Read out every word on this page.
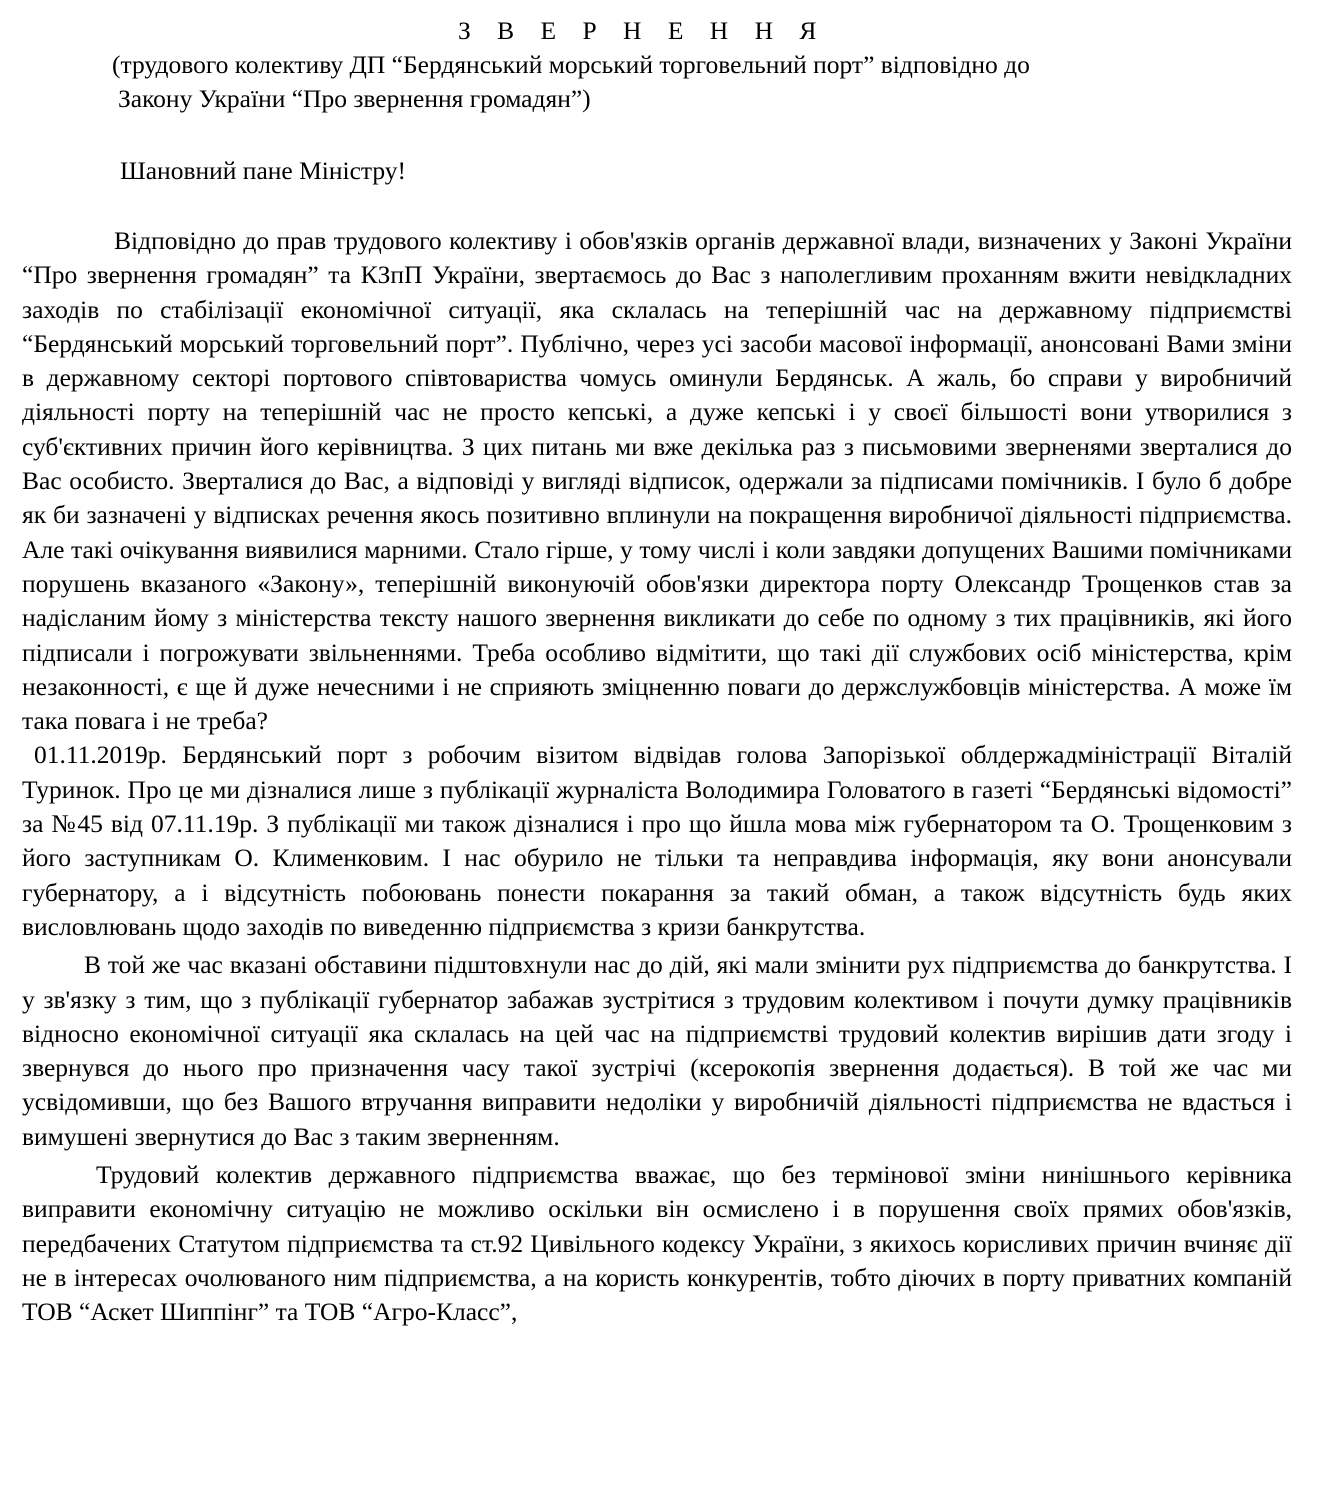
З В Е Р Н Е Н Н Я

(трудового колективу ДП “Бердянський морський торговельний порт” відповідно до

Закону України “Про звернення громадян”)

Шановний пане Міністру!

Відповідно до прав трудового колективу і обов'язків органів державної влади, визначених у Законі України “Про звернення громадян” та КЗпП України, звертаємось до Вас з наполегливим проханням вжити невідкладних заходів по стабілізації економічної ситуації, яка склалась на теперішній час на державному підприємстві “Бердянський морський торговельний порт”. Публічно, через усі засоби масової інформації, анонсовані Вами зміни в державному секторі портового співтовариства чомусь оминули Бердянськ. А жаль, бо справи у виробничий діяльності порту на теперішній час не просто кепські, а дуже кепські і у своєї більшості вони утворилися з суб'єктивних причин його керівництва. З цих питань ми вже декілька раз з письмовими звернeнями зверталися до Вас особисто. Зверталися до Вас, а відповіді у вигляді відписок, одержали за підписами помічників. І було б добре як би зазначені у відписках речення якось позитивно вплинули на покращення виробничої діяльності підприємства. Але такі очікування виявилися марними. Стало гірше, у тому числі і коли завдяки допущених Вашими помічниками порушень вказаного «Закону», теперішній виконуючій обов'язки директора порту Олександр Трощенков став за надісланим йому з міністерства тексту нашого звернення викликати до себе по одному з тих працівників, які його підписали і погрожувати звільненнями. Треба особливо відмітити, що такі дії службових осіб міністерства, крім незаконності, є ще й дуже нечесними і не сприяють зміцненню поваги до держслужбовців міністерства. А може їм така повага і не треба?

01.11.2019р. Бердянський порт з робочим візитом відвідав голова Запорізької облдержадміністрації Віталій Туринок. Про це ми дізналися лише з публікації журналіста Володимира Головатого в газеті “Бердянські відомості” за №45 від 07.11.19р. З публікації ми також дізналися і про що йшла мова між губернатором та О. Трощенковим з його заступникам О. Клименковим. І нас обурило не тільки та неправдива інформація, яку вони анонсували губернатору, а і відсутність побоювань понести покарання за такий обман, а також відсутність будь яких висловлювань щодо заходів по виведенню підприємства з кризи банкрутства.

В той же час вказані обставини підштовхнули нас до дій, які мали змінити рух підприємства до банкрутства. І у зв'язку з тим, що з публікації губернатор забажав зустрітися з трудовим колективом і почути думку працівників відносно економічної ситуації яка склалась на цей час на підприємстві трудовий колектив вирішив дати згоду і звернувся до нього про призначення часу такої зустрічі (ксерокопія звернення додається). В той же час ми усвідомивши, що без Вашого втручання виправити недоліки у виробничій діяльності підприємства не вдасться і вимушені звернутися до Вас з таким зверненням.

Трудовий колектив державного підприємства вважає, що без термінової зміни нинішнього керівника виправити економічну ситуацію не можливо оскільки він осмислено і в порушення своїх прямих обов'язків, передбачених Статутом підприємства та ст.92 Цивільного кодексу України, з якихось корисливих причин вчиняє дії не в інтересах очолюваного ним підприємства, а на користь конкурентів, тобто діючих в порту приватних компаній ТОВ “Аскет Шиппінг” та ТОВ “Агро-Класс”,
